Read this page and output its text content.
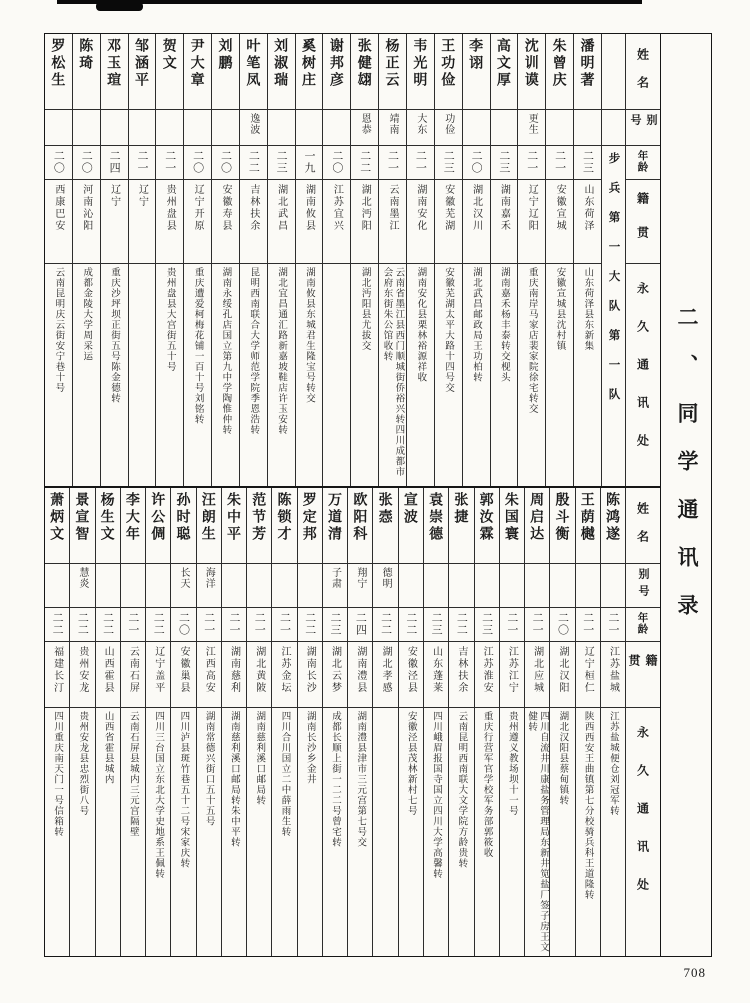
罗松生
二〇
西康巴安
云南昆明庆云街安宁巷十号
陈琦
二〇
河南沁阳
成都金陵大学周采运
邓玉瑄
二四
辽宁
重庆沙坪坝正街五号陈金德转
邹涵平
二一
辽宁
贺文
二一
贵州盘县
贵州盘县大宫街五十号
尹大章
二〇
辽宁开原
重庆遭爱柯梅花铺一百十号刘铭转
刘鹏
二〇
安徽寿县
湖南永绥孔店国立第九中学陶惟仲转
叶笔凤
逸波
二二
吉林扶余
昆明西南联合大学师范学院季恩浩转
刘淑瑞
二三
湖北武昌
湖北宜昌通汇路新嘉坡鞋店许玉安转
奚树庄
一九
湖南攸县
湖南攸县东城君生隆宝号转交
谢邦彦
二〇
江苏宜兴
张健翃
恩恭
二二
湖北沔阳
湖北沔阳县尤拔交
杨正云
靖南
二一
云南墨江
云南省墨江县西门顺城街侨裕兴转四川成都市会府东街朱公馆收转
韦光明
大东
二一
湖南安化
湖南安化县栗林裕源祥收
王功俭
功俭
二三
安徽芜湖
安徽芜湖太平大路十四号交
李诩
二〇
湖北汉川
湖北武昌邮政局王功柏转
高文厚
二三
湖南嘉禾
湖南嘉禾杨丰泰转交枧头
沈训谟
更生
二一
辽宁辽阳
重庆南岸马家店裴家院徐宅转交
朱曾庆
二一
安徽宣城
安徽宣城县沈村镇
潘明著
二三
山东荷泽
山东荷泽县东新集 步兵第一大队第一队
姓名
别号
年龄
籍贯
永久通讯处
萧炳文
二二
福建长汀
四川重庆南天门一号信箱转
景宣智
慧炎
二二
贵州安龙
贵州安龙县忠烈街八号
杨生文
二二
山西霍县
山西省霍县城内
李大年
二一
云南石屏
云南石屏县城内三元宫隔壁
许公倜
二二
辽宁盖平
四川三台国立东北大学史地系王佩转
孙时聪
长天
二〇
安徽巢县
四川泸县斑竹巷五十二号宋家庆转
汪朗生
海洋
二一
江西高安
湖南常德兴街口五十五号
朱中平
二一
湖南慈利
湖南慈利溪口邮局转朱中平转
范节芳
二一
湖北黄陂
湖南慈利溪口邮局转
陈锁才
二一
江苏金坛
四川合川国立二中薛雨生转
罗定邦
二二
湖南长沙
湖南长沙乡金井
万道清
子肃
二三
湖北云梦
成都长顺上街一二二号曾宅转
欧阳科
翔宁
二四
湖南澧县
湖南澧县津市三元宫第七号交
张悫
德明
二二
湖北孝感
宣波
二二
安徽泾县
安徽泾县茂林新村七号
袁崇德
二三
山东蓬莱
四川峨眉报国寺国立四川大学高馨转
张捷
二二
吉林扶余
云南昆明西南联大文学院方龄贵转
郭汝霖
二三
江苏淮安
重庆行营军官学校军务部郭筱收
朱国寰
二一
江苏江宁
贵州遵义教场坝十一号
周启达
二一
湖北应城
四川自流井川康盐务管理局东新井笕盐厂签子房王文健转
殷斗衡
二〇
湖北汉阳
湖北汉阳县蔡甸镇转
王荫樾
二一
辽宁桓仁
陕西西安王曲镇第七分校骑兵科王道隆转
陈鸿遂
二一
江苏盐城
江苏盐城便仓刘冠军转
姓名
别号
年龄
籍贯
永久通讯处
二、同学通讯录
708
